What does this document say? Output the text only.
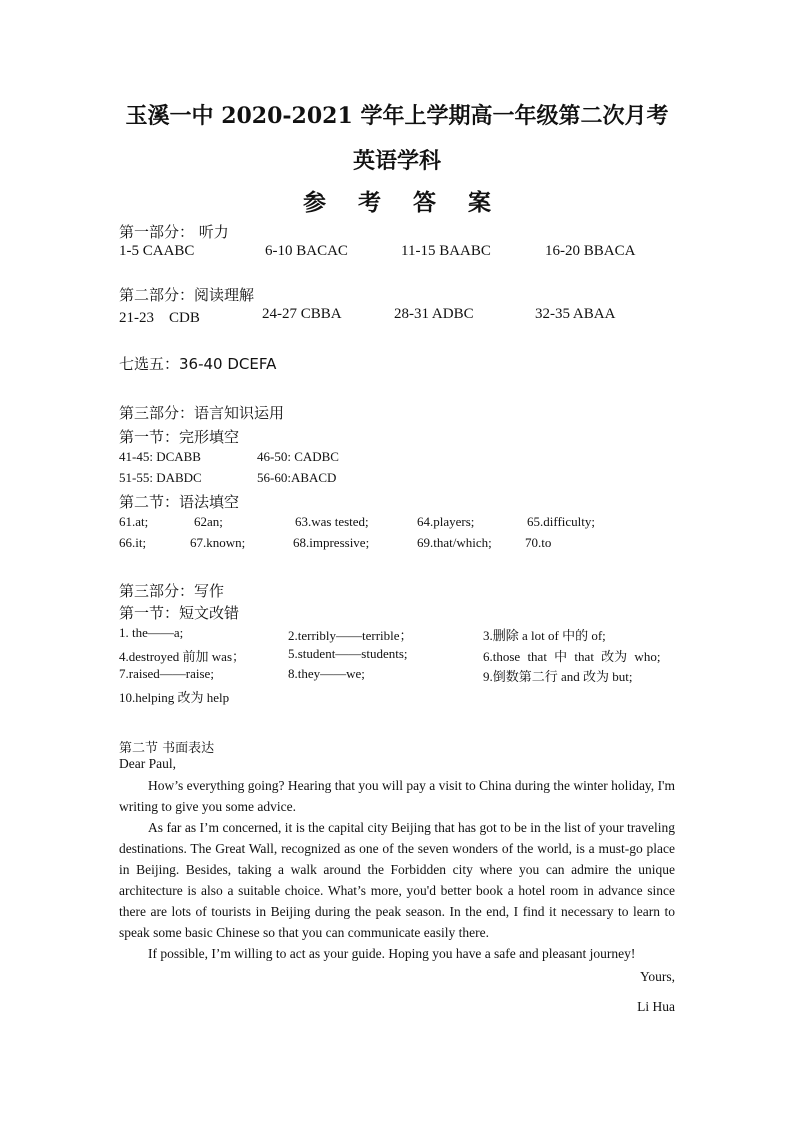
玉溪一中 2020-2021 学年上学期高一年级第二次月考
英语学科
参 考 答 案
第一部分： 听力
1-5 CAABC	6-10 BACAC	11-15 BAABC	16-20 BBACA
第二部分：阅读理解
21-23　CDB	24-27 CBBA	28-31 ADBC	32-35 ABAA
七选五：36-40 DCEFA
第三部分：语言知识运用
第一节：完形填空
41-45: DCABB	46-50: CADBC
51-55: DABDC	56-60:ABACD
第二节：语法填空
61.at;	62an;	63.was tested;	64.players;	65.difficulty;
66.it;	67.known;	68.impressive;	69.that/which;	70.to
第三部分：写作
第一节：短文改错
1. the——a;	2.terribly——terrible；	3.删除 a lot of 中的 of;
4.destroyed 前加 was；	5.student——students;	6.those that 中 that 改为 who;
7.raised——raise;	8.they——we;	9.倒数第二行 and 改为 but;
10.helping 改为 help
第二节 书面表达
Dear Paul,

How’s everything going? Hearing that you will pay a visit to China during the winter holiday, I'm writing to give you some advice.

As far as I’m concerned, it is the capital city Beijing that has got to be in the list of your traveling destinations. The Great Wall, recognized as one of the seven wonders of the world, is a must-go place in Beijing. Besides, taking a walk around the Forbidden city where you can admire the unique architecture is also a suitable choice. What’s more, you'd better book a hotel room in advance since there are lots of tourists in Beijing during the peak season. In the end, I find it necessary to learn to speak some basic Chinese so that you can communicate easily there.

If possible, I’m willing to act as your guide. Hoping you have a safe and pleasant journey!

Yours,
Li Hua
